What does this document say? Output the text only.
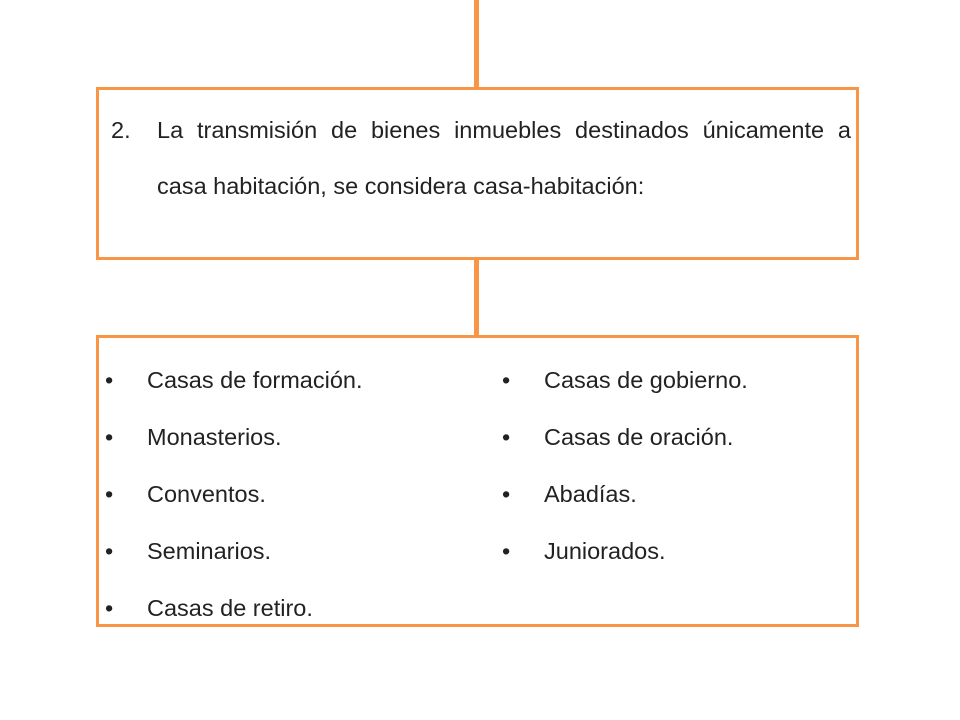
2.	La transmisión de bienes inmuebles destinados únicamente a casa habitación, se considera casa-habitación:
•	Casas de formación.
•	Monasterios.
•	Conventos.
•	Seminarios.
•	Casas de retiro.
•	Casas de gobierno.
•	Casas de oración.
•	Abadías.
•	Juniorados.
